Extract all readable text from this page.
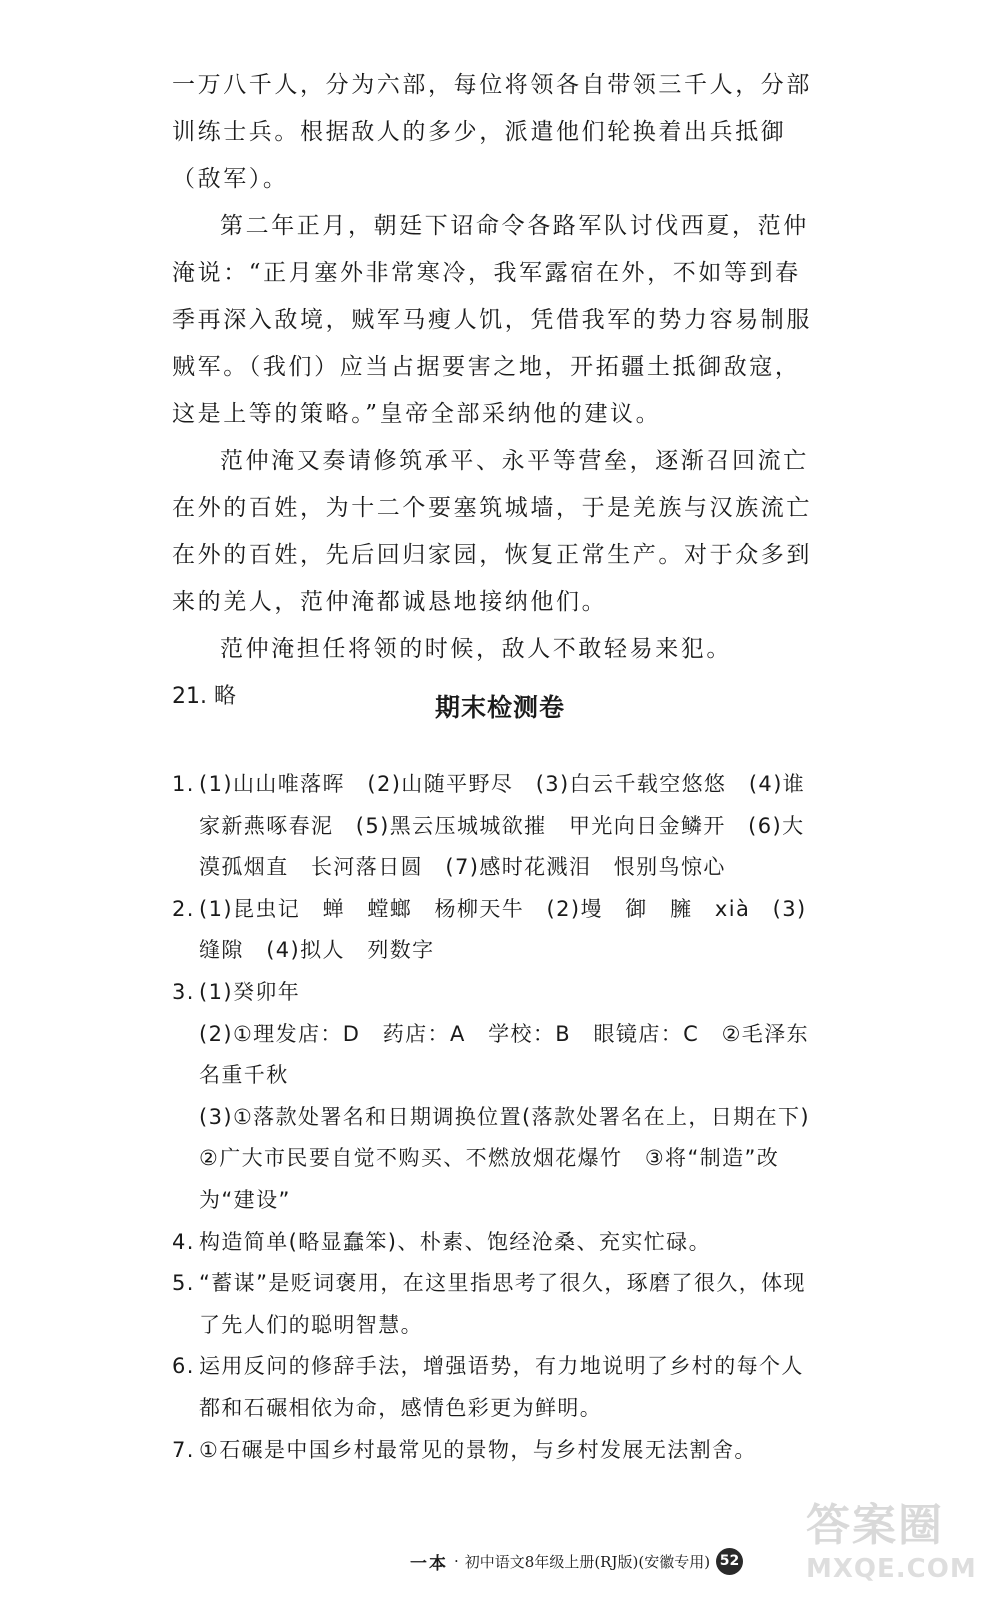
一万八千人，分为六部，每位将领各自带领三千人，分部训练士兵。根据敌人的多少，派遣他们轮换着出兵抵御（敌军）。

第二年正月，朝廷下诏命令各路军队讨伐西夏，范仲淹说：“正月塞外非常寒冷，我军露宿在外，不如等到春季再深入敌境，贼军马瘦人饥，凭借我军的势力容易制服贼军。（我们）应当占据要害之地，开拓疆土抵御敌寇，这是上等的策略。”皇帝全部采纳他的建议。

范仲淹又奏请修筑承平、永平等营垒，逐渐召回流亡在外的百姓，为十二个要塞筑城墙，于是羌族与汉族流亡在外的百姓，先后回归家园，恢复正常生产。对于众多到来的羌人，范仲淹都诚恳地接纳他们。

范仲淹担任将领的时候，敌人不敢轻易来犯。

21. 略	期末检测卷

1. (1)山山唯落晖　(2)山随平野尽　(3)白云千载空悠悠　(4)谁家新燕啄春泥　(5)黑云压城城欲摧　甲光向日金鳞开　(6)大漠孤烟直　长河落日圆　(7)感时花溅泪　恨别鸟惊心

2. (1)昆虫记　蝉　螳螂　杨柳天牛　(2)墁　御　臃　xià　(3)缝隙　(4)拟人　列数字

3. (1)癸卯年

(2)①理发店：D　药店：A　学校：B　眼镜店：C　②毛泽东名重千秋

(3)①落款处署名和日期调换位置(落款处署名在上，日期在下)　②广大市民要自觉不购买、不燃放烟花爆竹　③将“制造”改为“建设”

4. 构造简单(略显蠢笨)、朴素、饱经沧桑、充实忙碌。

5. “蓄谋”是贬词褒用，在这里指思考了很久，琢磨了很久，体现了先人们的聪明智慧。

6. 运用反问的修辞手法，增强语势，有力地说明了乡村的每个人都和石碾相依为命，感情色彩更为鲜明。

7. ①石碾是中国乡村最常见的景物，与乡村发展无法割舍。

一本 · 初中语文8年级上册(RJ版)(安徽专用) 52
答案圈
MXQE.COM
